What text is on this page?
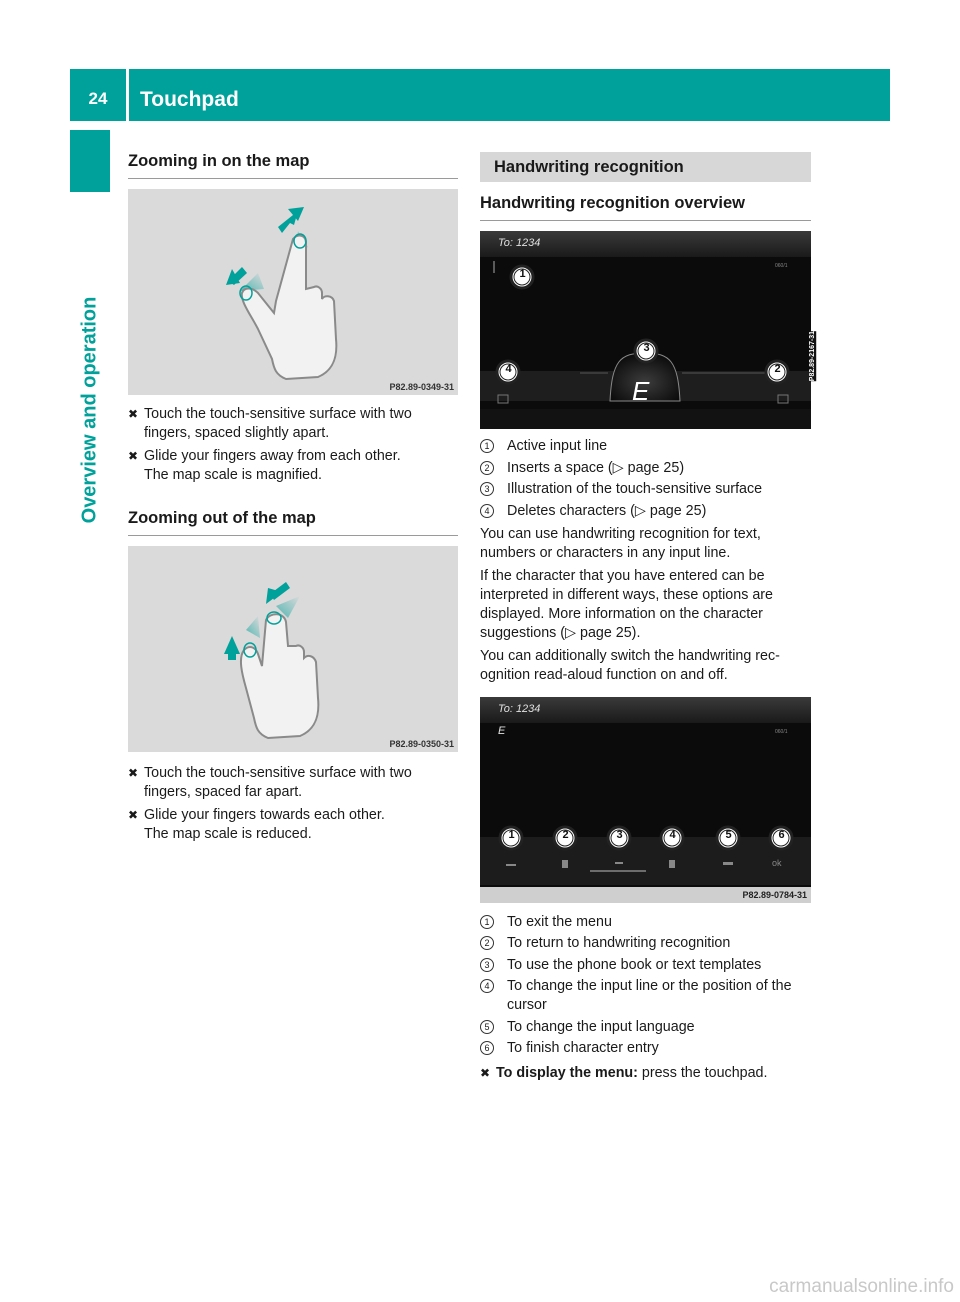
24	Touchpad
Overview and operation
Zooming in on the map
P82.89-0349-31

✖ Touch the touch-sensitive surface with two fingers, spaced slightly apart.

✖ Glide your fingers away from each other.
The map scale is magnified.

Zooming out of the map
P82.89-0350-31

✖ Touch the touch-sensitive surface with two fingers, spaced far apart.

✖ Glide your fingers towards each other.
The map scale is reduced.

Handwriting recognition
Handwriting recognition overview
060/1
To: 1234
E
1
2
3
4	P82.89-2167-31
1	Active input line
2	Inserts a space (▷ page 25)
3	Illustration of the touch-sensitive surface
4	Deletes characters (▷ page 25)

You can use handwriting recognition for text, numbers or characters in any input line.

If the character that you have entered can be interpreted in different ways, these options are displayed. More information on the character suggestions (▷ page 25).

You can additionally switch the handwriting rec- ognition read-aloud function on and off.

060/1
To: 1234
E
1	2	3	4	5	6
ok
P82.89-0784-31
1	To exit the menu
2	To return to handwriting recognition
3	To use the phone book or text templates
4	To change the input line or the position of the cursor
5	To change the input language
6	To finish character entry

✖ To display the menu: press the touchpad.

carmanualsonline.info
